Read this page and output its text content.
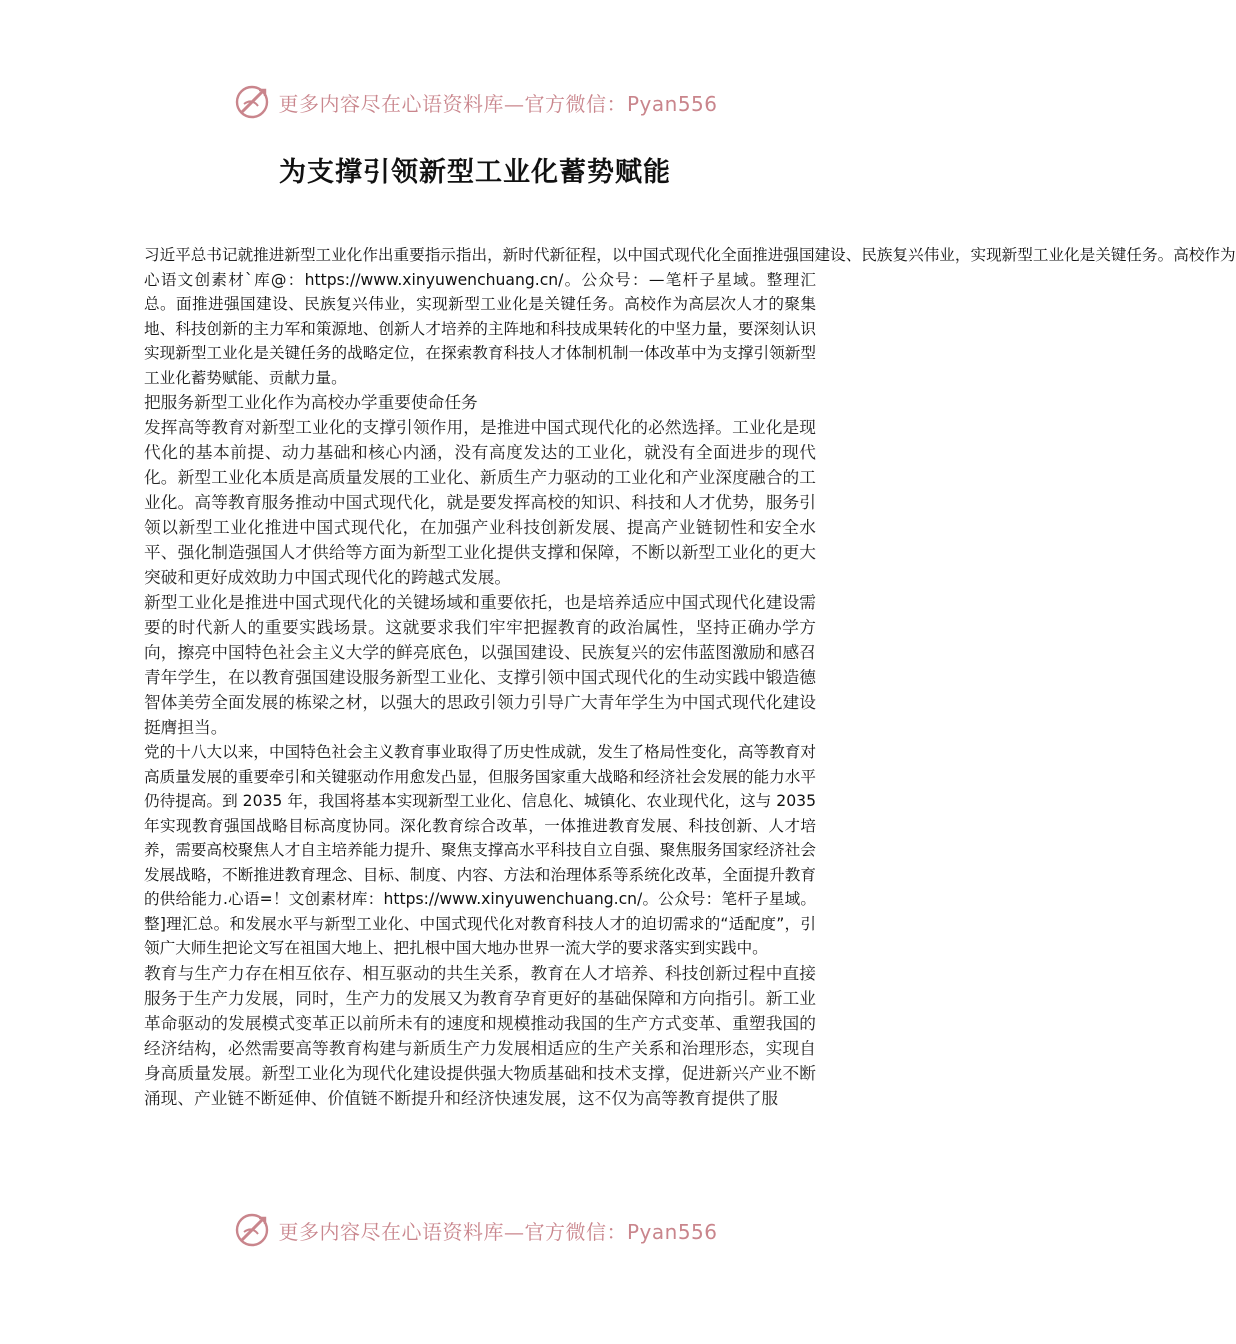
更多内容尽在心语资料库—官方微信：Pyan556
为支撑引领新型工业化蓄势赋能

习近平总书记就推进新型工业化作出重要指示指出，新时代新征程，以中国式现代化全面推进强国建设、民族复兴伟业，实现新型工业化是关键任务。高校作为

心语文创素材`库@：https://www.xinyuwenchuang.cn/。公众号：—笔杆子星域。整理汇总。面推进强国建设、民族复兴伟业，实现新型工业化是关键任务。高校作为高层次人才的聚集地、科技创新的主力军和策源地、创新人才培养的主阵地和科技成果转化的中坚力量，要深刻认识实现新型工业化是关键任务的战略定位，在探索教育科技人才体制机制一体改革中为支撑引领新型工业化蓄势赋能、贡献力量。

把服务新型工业化作为高校办学重要使命任务

发挥高等教育对新型工业化的支撑引领作用，是推进中国式现代化的必然选择。工业化是现代化的基本前提、动力基础和核心内涵，没有高度发达的工业化，就没有全面进步的现代化。新型工业化本质是高质量发展的工业化、新质生产力驱动的工业化和产业深度融合的工业化。高等教育服务推动中国式现代化，就是要发挥高校的知识、科技和人才优势，服务引领以新型工业化推进中国式现代化，在加强产业科技创新发展、提高产业链韧性和安全水平、强化制造强国人才供给等方面为新型工业化提供支撑和保障，不断以新型工业化的更大突破和更好成效助力中国式现代化的跨越式发展。

新型工业化是推进中国式现代化的关键场域和重要依托，也是培养适应中国式现代化建设需要的时代新人的重要实践场景。这就要求我们牢牢把握教育的政治属性，坚持正确办学方向，擦亮中国特色社会主义大学的鲜亮底色，以强国建设、民族复兴的宏伟蓝图激励和感召青年学生，在以教育强国建设服务新型工业化、支撑引领中国式现代化的生动实践中锻造德智体美劳全面发展的栋梁之材，以强大的思政引领力引导广大青年学生为中国式现代化建设挺膺担当。

党的十八大以来，中国特色社会主义教育事业取得了历史性成就，发生了格局性变化，高等教育对高质量发展的重要牵引和关键驱动作用愈发凸显，但服务国家重大战略和经济社会发展的能力水平仍待提高。到 2035 年，我国将基本实现新型工业化、信息化、城镇化、农业现代化，这与 2035 年实现教育强国战略目标高度协同。深化教育综合改革，一体推进教育发展、科技创新、人才培养，需要高校聚焦人才自主培养能力提升、聚焦支撑高水平科技自立自强、聚焦服务国家经济社会发展战略，不断推进教育理念、目标、制度、内容、方法和治理体系等系统化改革，全面提升教育的供给能力.心语=！文创素材库：https://www.xinyuwenchuang.cn/。公众号：笔杆子星域。整]理汇总。和发展水平与新型工业化、中国式现代化对教育科技人才的迫切需求的“适配度”，引领广大师生把论文写在祖国大地上、把扎根中国大地办世界一流大学的要求落实到实践中。

教育与生产力存在相互依存、相互驱动的共生关系，教育在人才培养、科技创新过程中直接服务于生产力发展，同时，生产力的发展又为教育孕育更好的基础保障和方向指引。新工业革命驱动的发展模式变革正以前所未有的速度和规模推动我国的生产方式变革、重塑我国的经济结构，必然需要高等教育构建与新质生产力发展相适应的生产关系和治理形态，实现自身高质量发展。新型工业化为现代化建设提供强大物质基础和技术支撑，促进新兴产业不断涌现、产业链不断延伸、价值链不断提升和经济快速发展，这不仅为高等教育提供了服

更多内容尽在心语资料库—官方微信：Pyan556
